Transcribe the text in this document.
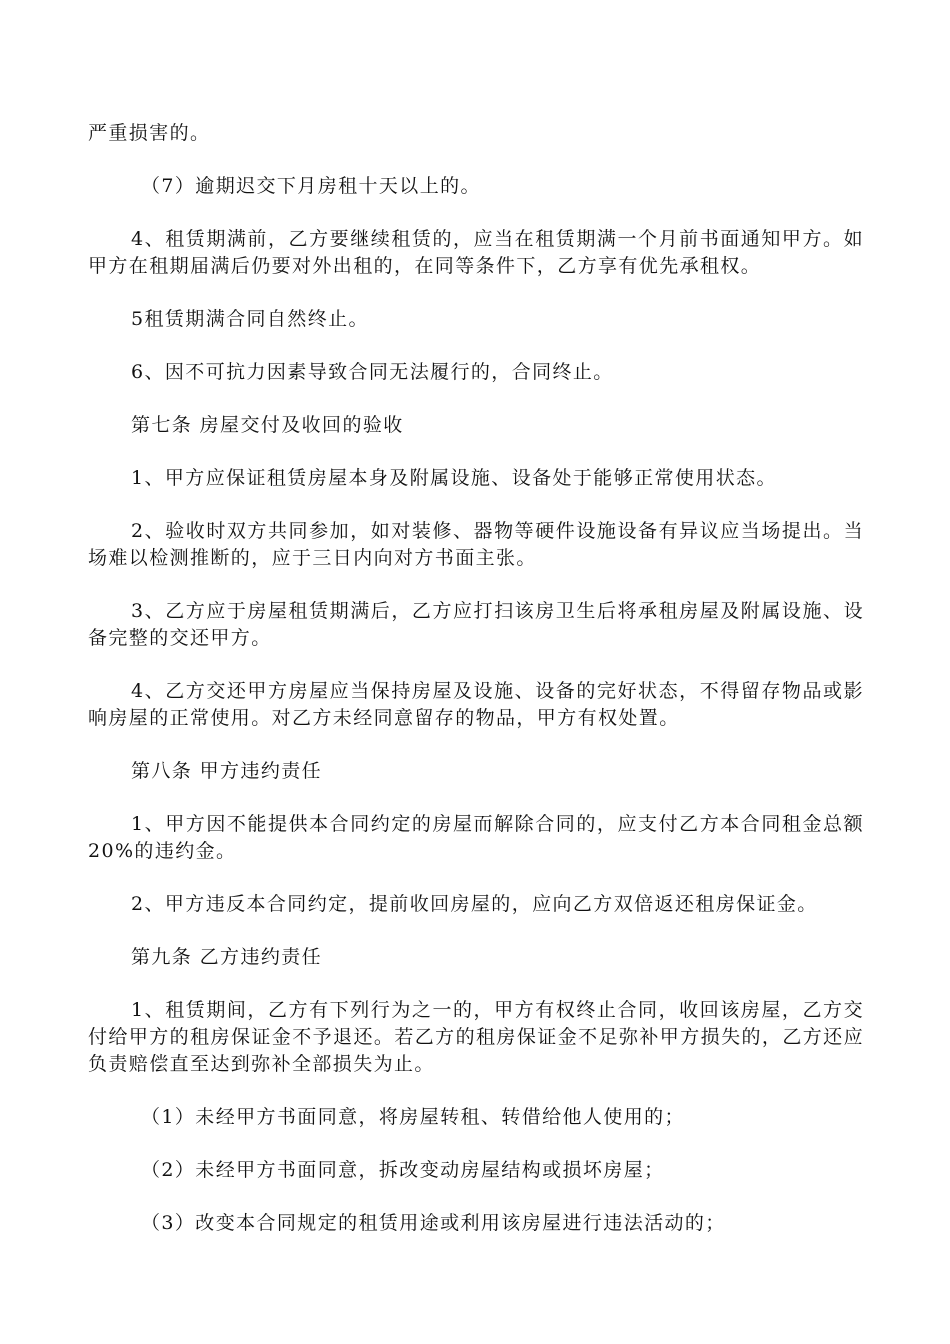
严重损害的。

（7）逾期迟交下月房租十天以上的。

4、租赁期满前，乙方要继续租赁的，应当在租赁期满一个月前书面通知甲方。如甲方在租期届满后仍要对外出租的，在同等条件下，乙方享有优先承租权。

5租赁期满合同自然终止。

6、因不可抗力因素导致合同无法履行的，合同终止。

第七条 房屋交付及收回的验收

1、甲方应保证租赁房屋本身及附属设施、设备处于能够正常使用状态。

2、验收时双方共同参加，如对装修、器物等硬件设施设备有异议应当场提出。当场难以检测推断的，应于三日内向对方书面主张。

3、乙方应于房屋租赁期满后，乙方应打扫该房卫生后将承租房屋及附属设施、设备完整的交还甲方。

4、乙方交还甲方房屋应当保持房屋及设施、设备的完好状态，不得留存物品或影响房屋的正常使用。对乙方未经同意留存的物品，甲方有权处置。

第八条 甲方违约责任

1、甲方因不能提供本合同约定的房屋而解除合同的，应支付乙方本合同租金总额20%的违约金。

2、甲方违反本合同约定，提前收回房屋的，应向乙方双倍返还租房保证金。

第九条 乙方违约责任

1、租赁期间，乙方有下列行为之一的，甲方有权终止合同，收回该房屋，乙方交付给甲方的租房保证金不予退还。若乙方的租房保证金不足弥补甲方损失的，乙方还应负责赔偿直至达到弥补全部损失为止。

（1）未经甲方书面同意，将房屋转租、转借给他人使用的；

（2）未经甲方书面同意，拆改变动房屋结构或损坏房屋；

（3）改变本合同规定的租赁用途或利用该房屋进行违法活动的；
